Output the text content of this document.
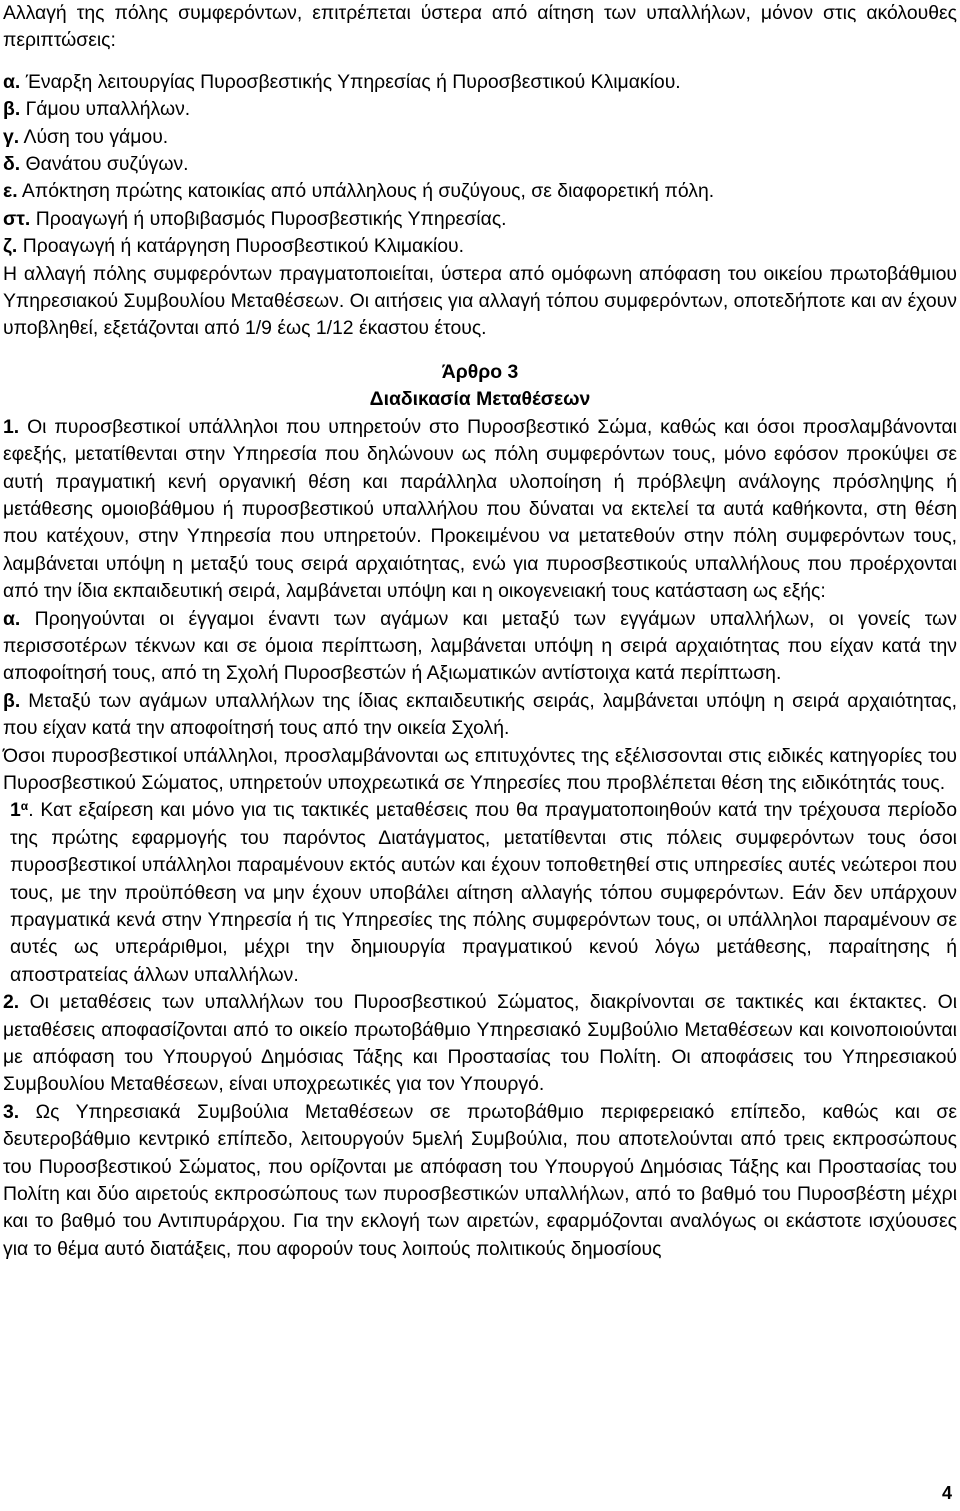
Αλλαγή της πόλης συμφερόντων, επιτρέπεται ύστερα από αίτηση των υπαλλήλων, μόνον στις ακόλουθες περιπτώσεις:

α. Έναρξη λειτουργίας Πυροσβεστικής Υπηρεσίας ή Πυροσβεστικού Κλιμακίου.

β. Γάμου υπαλλήλων.

γ. Λύση του γάμου.

δ. Θανάτου συζύγων.

ε. Απόκτηση πρώτης κατοικίας από υπάλληλους ή συζύγους, σε διαφορετική πόλη.

στ. Προαγωγή ή υποβιβασμός Πυροσβεστικής Υπηρεσίας.

ζ. Προαγωγή ή κατάργηση Πυροσβεστικού Κλιμακίου.

Η αλλαγή πόλης συμφερόντων πραγματοποιείται, ύστερα από ομόφωνη απόφαση του οικείου πρωτοβάθμιου Υπηρεσιακού Συμβουλίου Μεταθέσεων. Οι αιτήσεις για αλλαγή τόπου συμφερόντων, οποτεδήποτε και αν έχουν υποβληθεί, εξετάζονται από 1/9 έως 1/12 έκαστου έτους.

Άρθρο 3

Διαδικασία Μεταθέσεων

1. Οι πυροσβεστικοί υπάλληλοι που υπηρετούν στο Πυροσβεστικό Σώμα, καθώς και όσοι προσλαμβάνονται εφεξής, μετατίθενται στην Υπηρεσία που δηλώνουν ως πόλη συμφερόντων τους, μόνο εφόσον προκύψει σε αυτή πραγματική κενή οργανική θέση και παράλληλα υλοποίηση ή πρόβλεψη ανάλογης πρόσληψης ή μετάθεσης ομοιοβάθμου ή πυροσβεστικού υπαλλήλου που δύναται να εκτελεί τα αυτά καθήκοντα, στη θέση που κατέχουν, στην Υπηρεσία που υπηρετούν. Προκειμένου να μετατεθούν στην πόλη συμφερόντων τους, λαμβάνεται υπόψη η μεταξύ τους σειρά αρχαιότητας, ενώ για πυροσβεστικούς υπαλλήλους που προέρχονται από την ίδια εκπαιδευτική σειρά, λαμβάνεται υπόψη και η οικογενειακή τους κατάσταση ως εξής:

α. Προηγούνται οι έγγαμοι έναντι των αγάμων και μεταξύ των εγγάμων υπαλλήλων, οι γονείς των περισσοτέρων τέκνων και σε όμοια περίπτωση, λαμβάνεται υπόψη η σειρά αρχαιότητας που είχαν κατά την αποφοίτησή τους, από τη Σχολή Πυροσβεστών ή Αξιωματικών αντίστοιχα κατά περίπτωση.

β. Μεταξύ των αγάμων υπαλλήλων της ίδιας εκπαιδευτικής σειράς, λαμβάνεται υπόψη η σειρά αρχαιότητας, που είχαν κατά την αποφοίτησή τους από την οικεία Σχολή.

Όσοι πυροσβεστικοί υπάλληλοι, προσλαμβάνονται ως επιτυχόντες της εξέλισσονται στις ειδικές κατηγορίες του Πυροσβεστικού Σώματος, υπηρετούν υποχρεωτικά σε Υπηρεσίες που προβλέπεται θέση της ειδικότητάς τους.

$1^\alpha$. Κατ εξαίρεση και μόνο για τις τακτικές μεταθέσεις που θα πραγματοποιηθούν κατά την τρέχουσα περίοδο της πρώτης εφαρμογής του παρόντος Διατάγματος, μετατίθενται στις πόλεις συμφερόντων τους όσοι πυροσβεστικοί υπάλληλοι παραμένουν εκτός αυτών και έχουν τοποθετηθεί στις υπηρεσίες αυτές νεώτεροι που τους, με την προϋπόθεση να μην έχουν υποβάλει αίτηση αλλαγής τόπου συμφερόντων. Εάν δεν υπάρχουν πραγματικά κενά στην Υπηρεσία ή τις Υπηρεσίες της πόλης συμφερόντων τους, οι υπάλληλοι παραμένουν σε αυτές ως υπεράριθμοι, μέχρι την δημιουργία πραγματικού κενού λόγω μετάθεσης, παραίτησης ή αποστρατείας άλλων υπαλλήλων.

2. Οι μεταθέσεις των υπαλλήλων του Πυροσβεστικού Σώματος, διακρίνονται σε τακτικές και έκτακτες. Οι μεταθέσεις αποφασίζονται από το οικείο πρωτοβάθμιο Υπηρεσιακό Συμβούλιο Μεταθέσεων και κοινοποιούνται με απόφαση του Υπουργού Δημόσιας Τάξης και Προστασίας του Πολίτη. Οι αποφάσεις του Υπηρεσιακού Συμβουλίου Μεταθέσεων, είναι υποχρεωτικές για τον Υπουργό.

3. Ως Υπηρεσιακά Συμβούλια Μεταθέσεων σε πρωτοβάθμιο περιφερειακό επίπεδο, καθώς και σε δευτεροβάθμιο κεντρικό επίπεδο, λειτουργούν 5μελή Συμβούλια, που αποτελούνται από τρεις εκπροσώπους του Πυροσβεστικού Σώματος, που ορίζονται με απόφαση του Υπουργού Δημόσιας Τάξης και Προστασίας του Πολίτη και δύο αιρετούς εκπροσώπους των πυροσβεστικών υπαλλήλων, από το βαθμό του Πυροσβέστη μέχρι και το βαθμό του Αντιπυράρχου. Για την εκλογή των αιρετών, εφαρμόζονται αναλόγως οι εκάστοτε ισχύουσες για το θέμα αυτό διατάξεις, που αφορούν τους λοιπούς πολιτικούς δημοσίους

4
